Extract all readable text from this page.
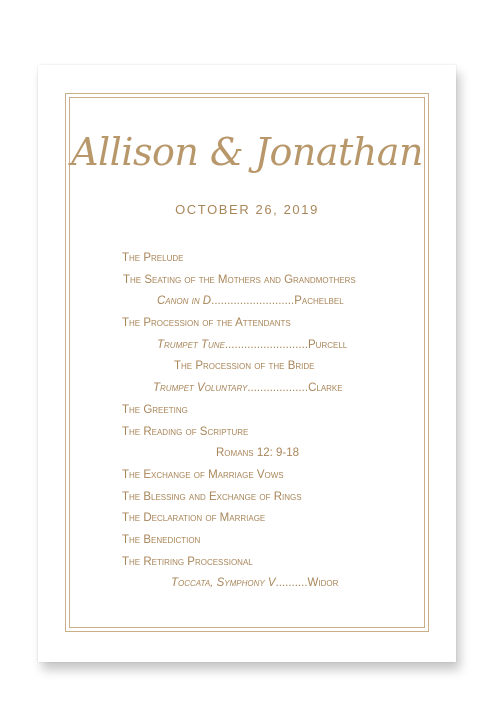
Allison & Jonathan
OCTOBER 26, 2019
The Prelude
The Seating of the Mothers and Grandmothers
Canon in D..........................Pachelbel
The Procession of the Attendants
Trumpet Tune..........................Purcell
The Procession of the Bride
Trumpet Voluntary...................Clarke
The Greeting
The Reading of Scripture
Romans 12: 9-18
The Exchange of Marriage Vows
The Blessing and Exchange of Rings
The Declaration of Marriage
The Benediction
The Retiring Processional
Toccata, Symphony V..........Widor
